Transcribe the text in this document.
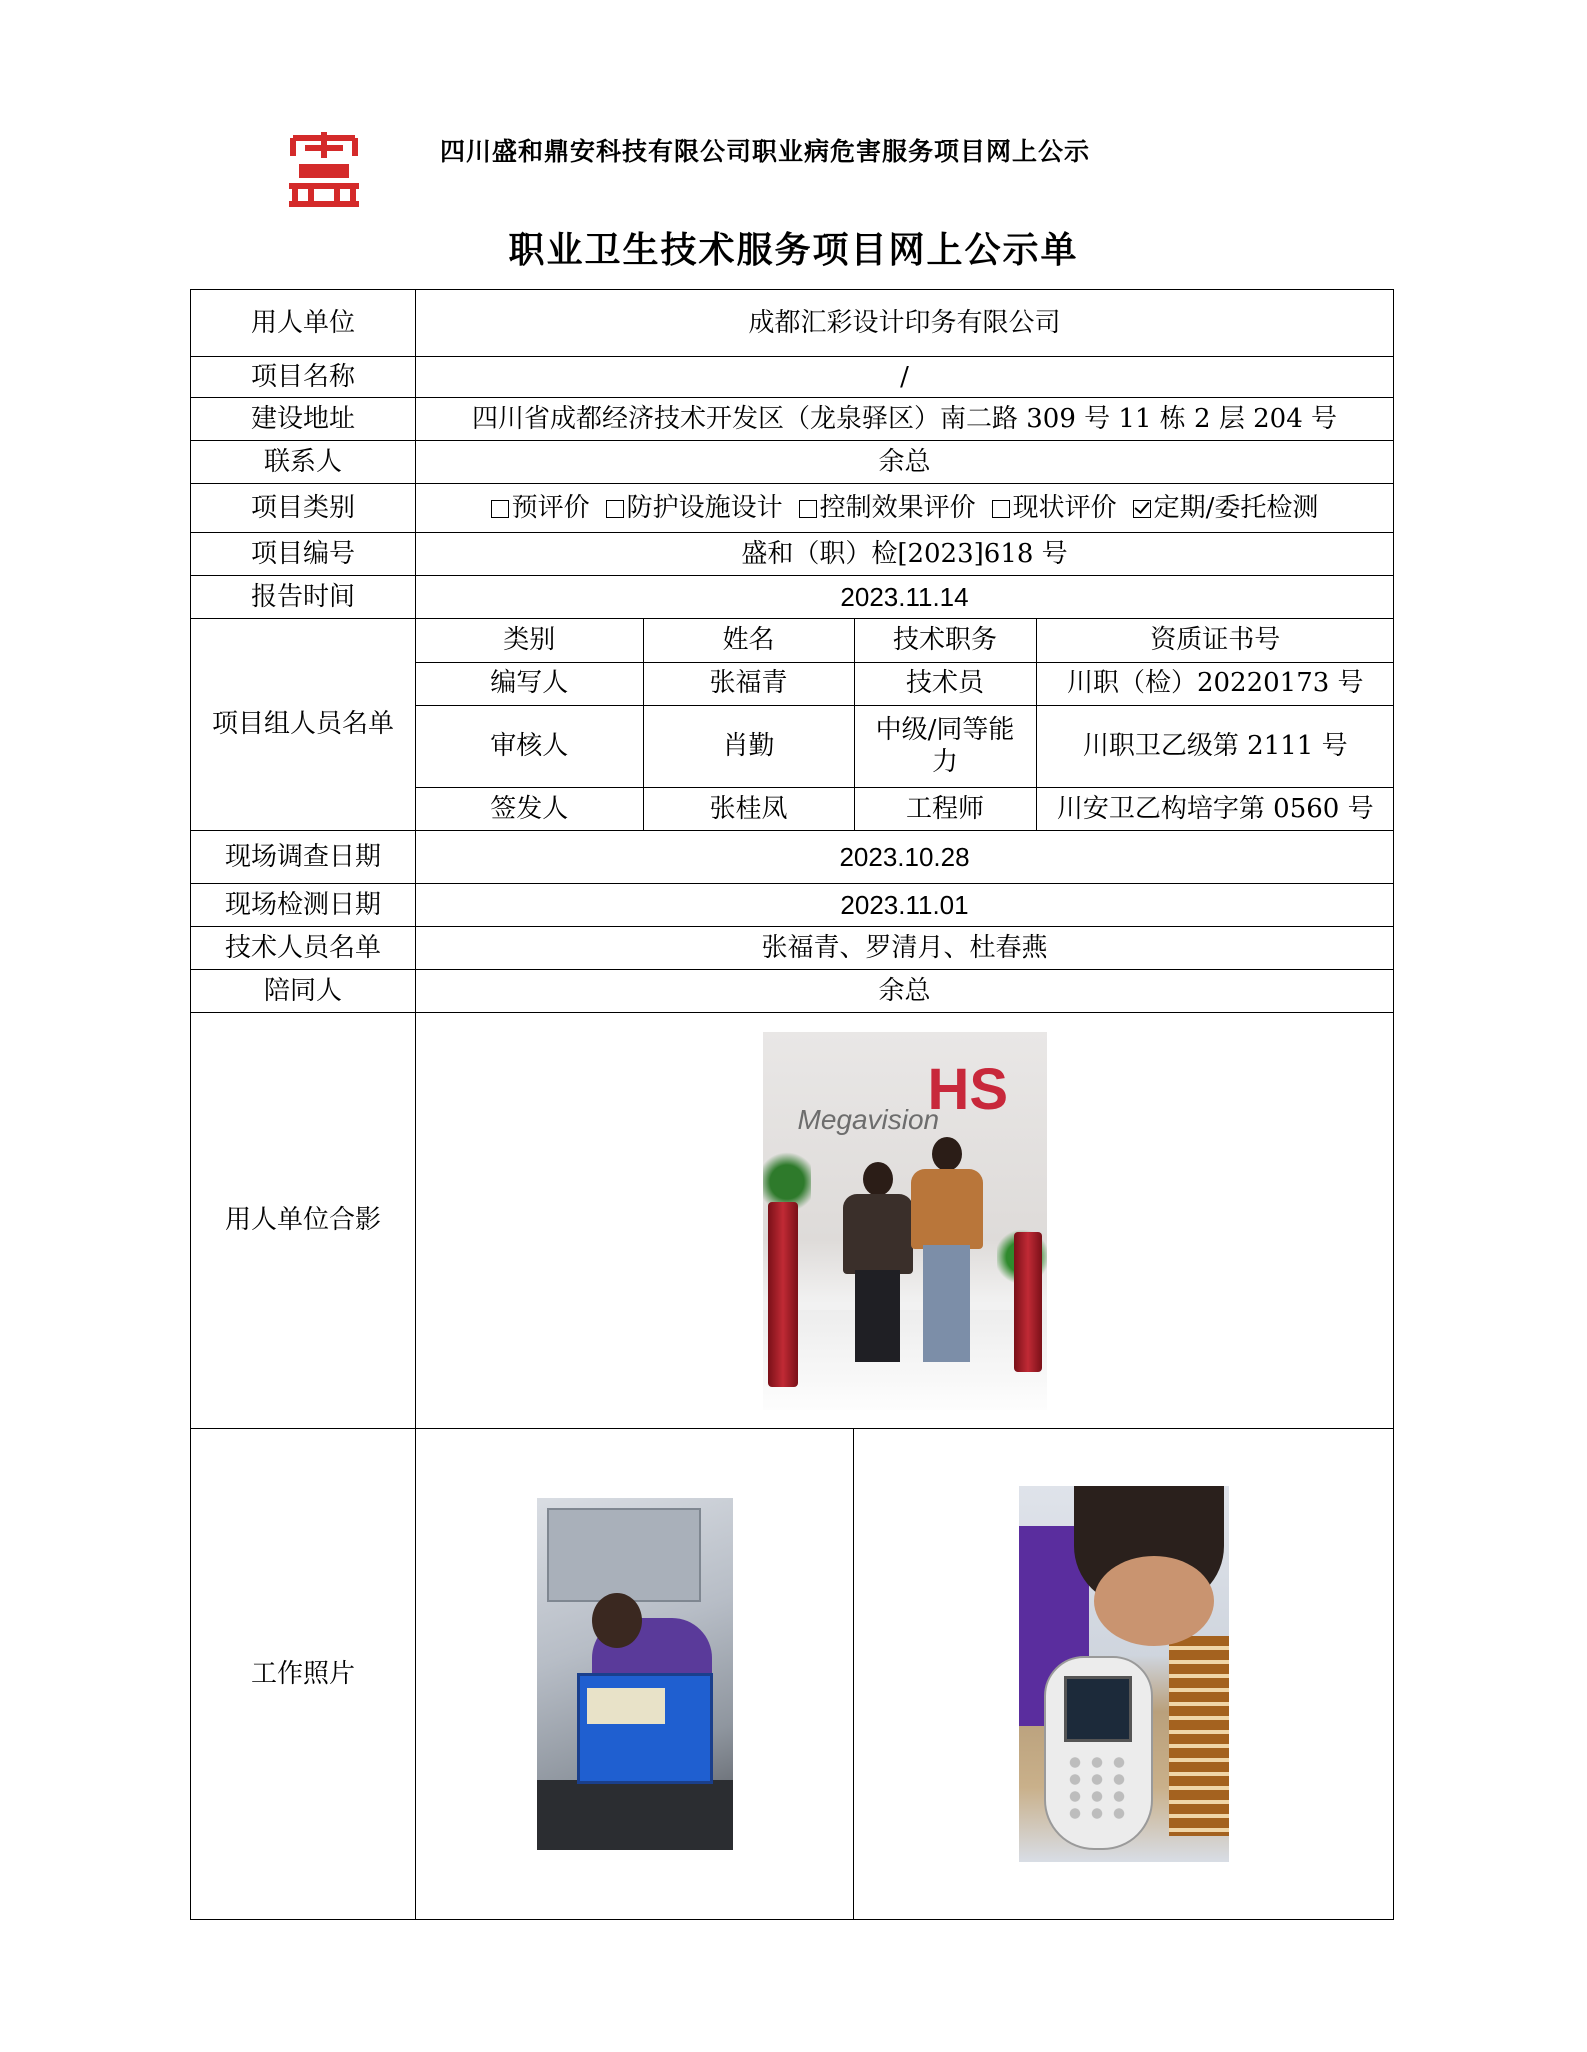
四川盛和鼎安科技有限公司职业病危害服务项目网上公示
职业卫生技术服务项目网上公示单
用人单位	成都汇彩设计印务有限公司
项目名称	/
建设地址	四川省成都经济技术开发区（龙泉驿区）南二路 309 号 11 栋 2 层 204 号
联系人	余总
项目类别	预评价 防护设施设计 控制效果评价 现状评价 定期/委托检测
项目编号	盛和（职）检[2023]618 号
报告时间	2023.11.14
项目组人员名单	
类别	姓名	技术职务	资质证书号
编写人	张福青	技术员	川职（检）20220173 号
审核人	肖勤	中级/同等能力	川职卫乙级第 2111 号
签发人	张桂凤	工程师	川安卫乙构培字第 0560 号

现场调查日期	2023.10.28
现场检测日期	2023.11.01
技术人员名单	张福青、罗清月、杜春燕
陪同人	余总
用人单位合影	
Megavision
HS

工作照片	
